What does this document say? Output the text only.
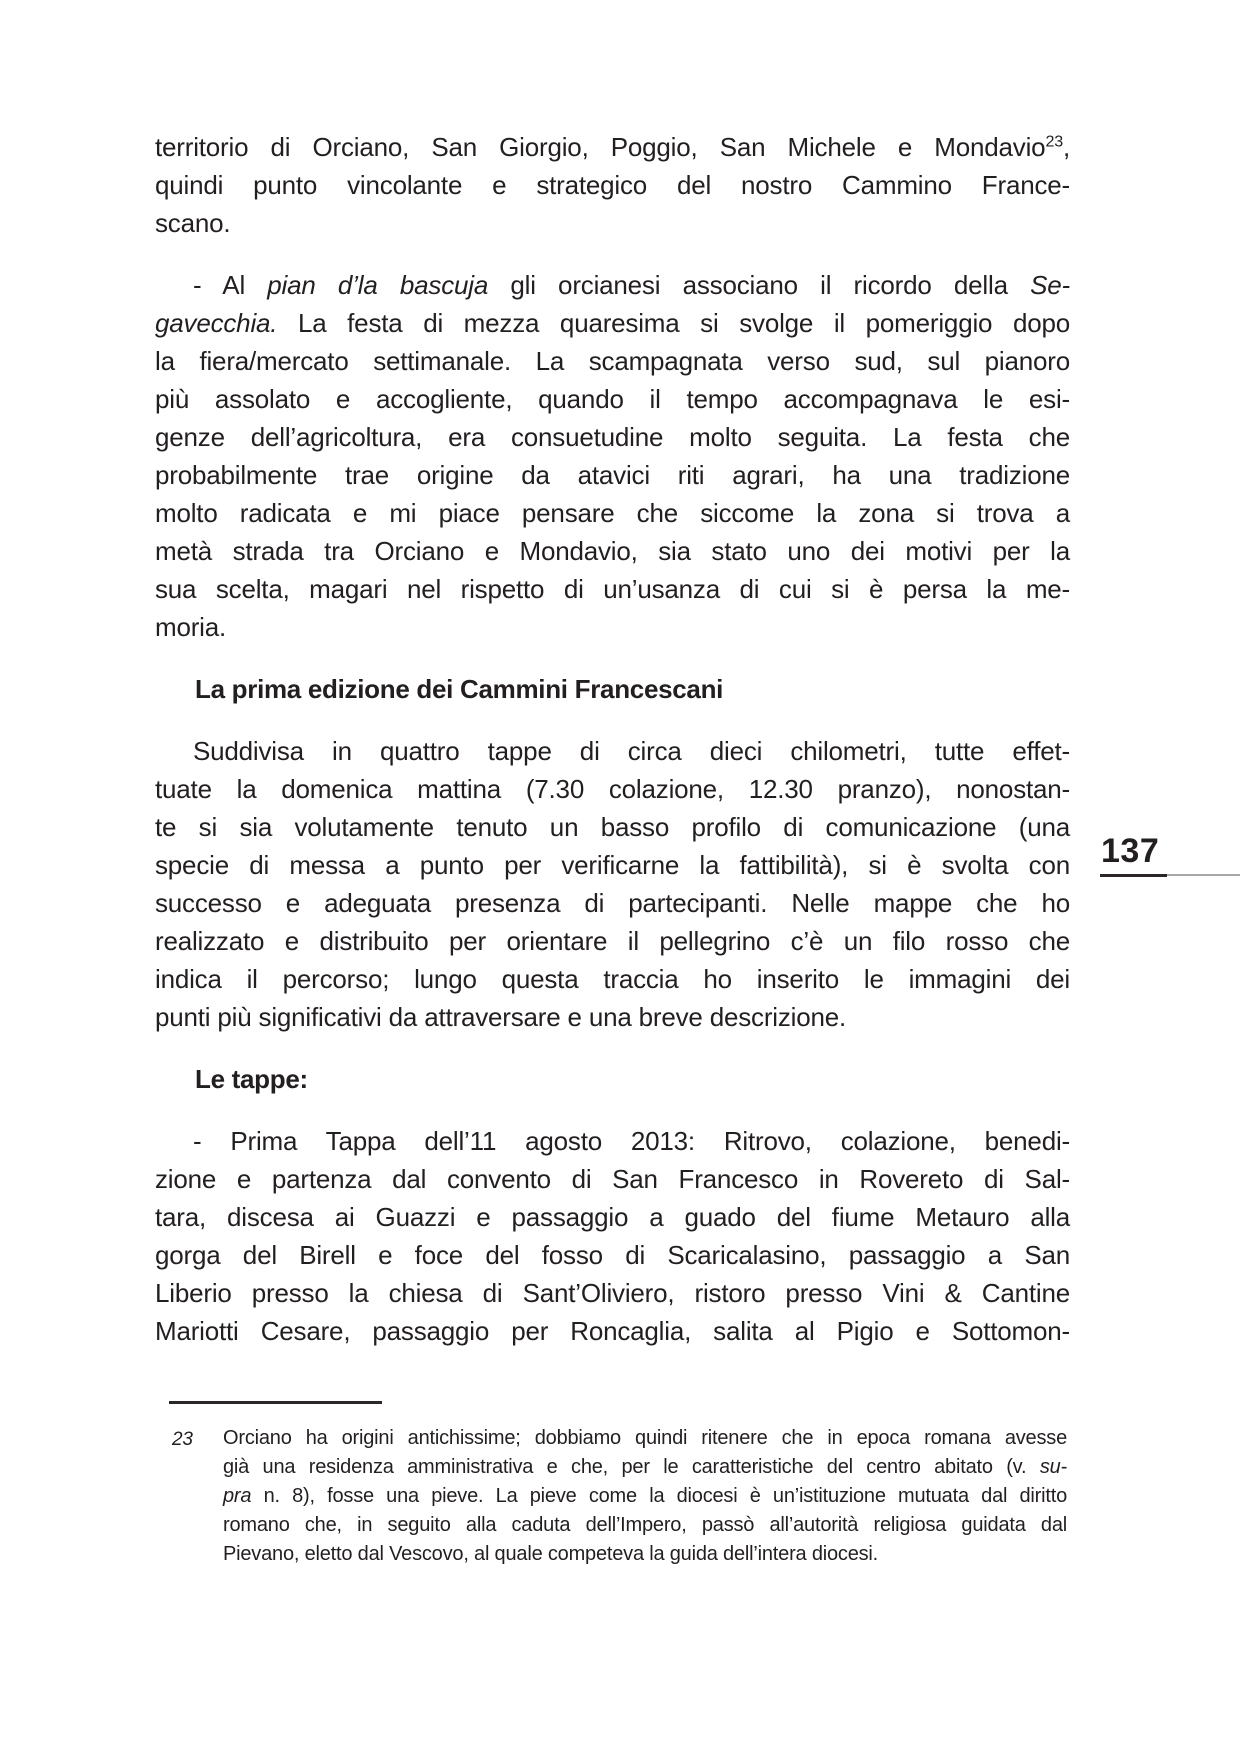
territorio di Orciano, San Giorgio, Poggio, San Michele e Mondavio$^{23}$,
quindi punto vincolante e strategico del nostro Cammino France-
scano.
- Al pian d’la bascuja gli orcianesi associano il ricordo della Se-
gavecchia. La festa di mezza quaresima si svolge il pomeriggio dopo
la fiera/mercato settimanale. La scampagnata verso sud, sul pianoro
più assolato e accogliente, quando il tempo accompagnava le esi-
genze dell’agricoltura, era consuetudine molto seguita. La festa che
probabilmente trae origine da atavici riti agrari, ha una tradizione
molto radicata e mi piace pensare che siccome la zona si trova a
metà strada tra Orciano e Mondavio, sia stato uno dei motivi per la
sua scelta, magari nel rispetto di un’usanza di cui si è persa la me-
moria.
La prima edizione dei Cammini Francescani
Suddivisa in quattro tappe di circa dieci chilometri, tutte effet-
tuate la domenica mattina (7.30 colazione, 12.30 pranzo), nonostan-
te si sia volutamente tenuto un basso profilo di comunicazione (una
specie di messa a punto per verificarne la fattibilità), si è svolta con
successo e adeguata presenza di partecipanti. Nelle mappe che ho
realizzato e distribuito per orientare il pellegrino c’è un filo rosso che
indica il percorso; lungo questa traccia ho inserito le immagini dei
punti più significativi da attraversare e una breve descrizione.
Le tappe:
- Prima Tappa dell’11 agosto 2013: Ritrovo, colazione, benedi-
zione e partenza dal convento di San Francesco in Rovereto di Sal-
tara, discesa ai Guazzi e passaggio a guado del fiume Metauro alla
gorga del Birell e foce del fosso di Scaricalasino, passaggio a San
Liberio presso la chiesa di Sant’Oliviero, ristoro presso Vini & Cantine
Mariotti Cesare, passaggio per Roncaglia, salita al Pigio e Sottomon-
137
23 Orciano ha origini antichissime; dobbiamo quindi ritenere che in epoca romana avesse
già una residenza amministrativa e che, per le caratteristiche del centro abitato (v. su-
pra n. 8), fosse una pieve. La pieve come la diocesi è un’istituzione mutuata dal diritto
romano che, in seguito alla caduta dell’Impero, passò all’autorità religiosa guidata dal
Pievano, eletto dal Vescovo, al quale competeva la guida dell’intera diocesi.
